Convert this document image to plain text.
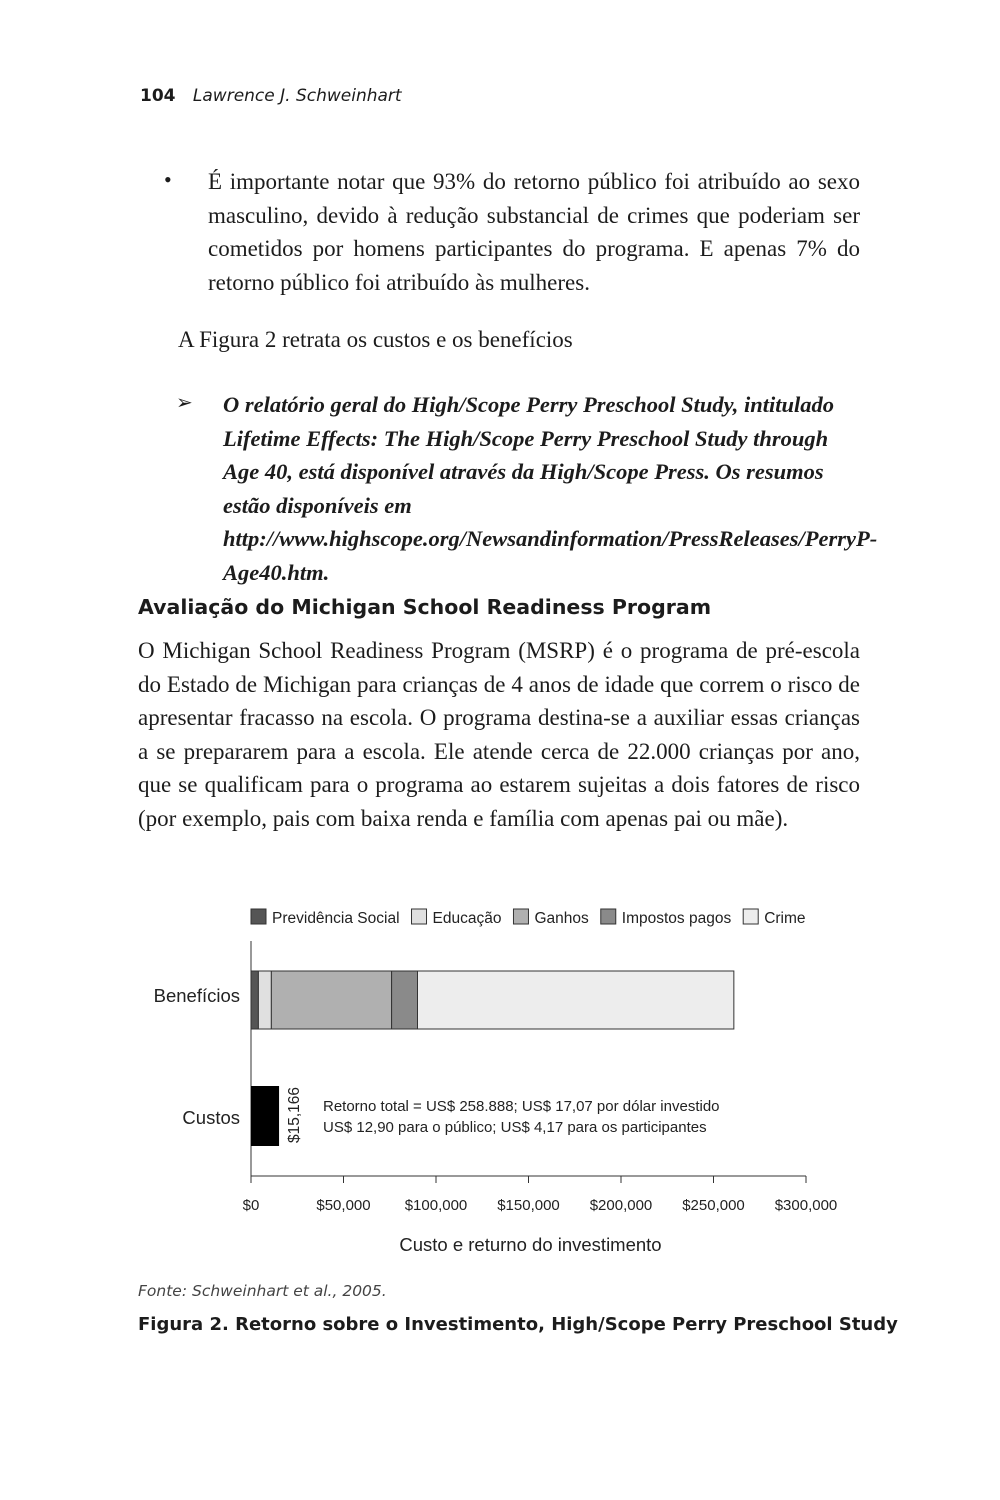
104 Lawrence J. Schweinhart
• É importante notar que 93% do retorno público foi atribuído ao sexo masculino, devido à redução substancial de crimes que poderiam ser cometidos por homens participantes do programa. E apenas 7% do retorno público foi atribuído às mulheres.
A Figura 2 retrata os custos e os benefícios
➢ O relatório geral do High/Scope Perry Preschool Study, intitulado Lifetime Effects: The High/Scope Perry Preschool Study through Age 40, está disponível através da High/Scope Press. Os resumos estão disponíveis em http://www.highscope.org/Newsandinformation/PressReleases/PerryP-Age40.htm.
Avaliação do Michigan School Readiness Program
O Michigan School Readiness Program (MSRP) é o programa de pré-escola do Estado de Michigan para crianças de 4 anos de idade que correm o risco de apresentar fracasso na escola. O programa destina-se a auxiliar essas crianças a se prepararem para a escola. Ele atende cerca de 22.000 crianças por ano, que se qualificam para o programa ao estarem sujeitas a dois fatores de risco (por exemplo, pais com baixa renda e família com apenas pai ou mãe).
Previdência Social Educação Ganhos Impostos pagos Crime
$0	$50,000 $100,000 $150,000 $200,000 $250,000 $300,000
Custo e returno do investimento
Benefícios
Custos	$15,166 Retorno total = US$ 258.888; US$ 17,07 por dólar investido
US$ 12,90 para o público; US$ 4,17 para os participantes
Fonte: Schweinhart et al., 2005.
Figura 2. Retorno sobre o Investimento, High/Scope Perry Preschool Study
